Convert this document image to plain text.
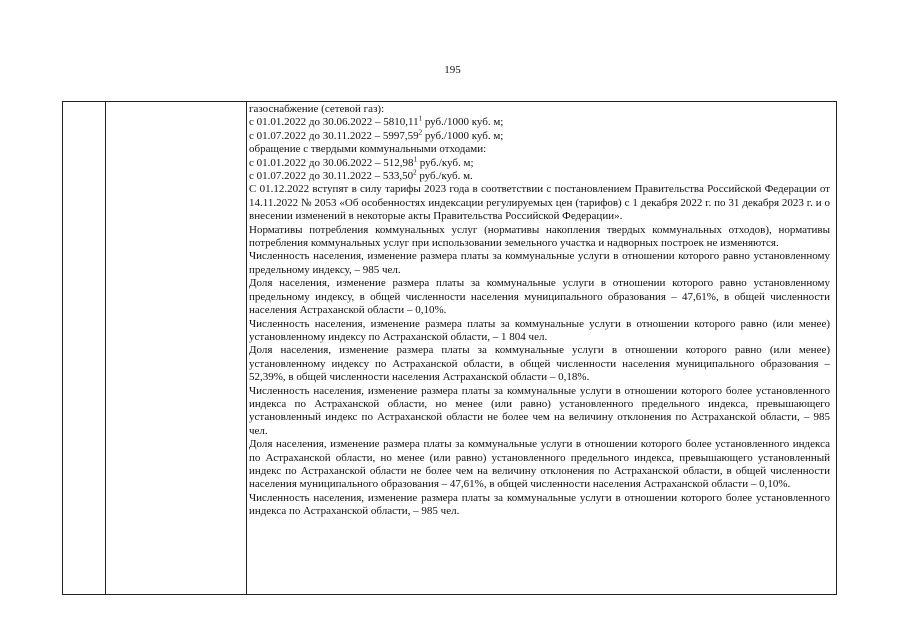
195
газоснабжение (сетевой газ):
с 01.01.2022 до 30.06.2022 – 5810,11$^1$ руб./1000 куб. м;
с 01.07.2022 до 30.11.2022 – 5997,59$^2$ руб./1000 куб. м;
обращение с твердыми коммунальными отходами:
с 01.01.2022 до 30.06.2022 – 512,98$^1$ руб./куб. м;
с 01.07.2022 до 30.11.2022 – 533,50$^2$ руб./куб. м.

С 01.12.2022 вступят в силу тарифы 2023 года в соответствии с постановлением Правительства Российской Федерации от 14.11.2022 № 2053 «Об особенностях индексации регулируемых цен (тарифов) с 1 декабря 2022 г. по 31 декабря 2023 г. и о внесении изменений в некоторые акты Правительства Российской Федерации».

Нормативы потребления коммунальных услуг (нормативы накопления твердых коммунальных отходов), нормативы потребления коммунальных услуг при использовании земельного участка и надворных построек не изменяются.

Численность населения, изменение размера платы за коммунальные услуги в отношении которого равно установленному предельному индексу, – 985 чел.

Доля населения, изменение размера платы за коммунальные услуги в отношении которого равно установленному предельному индексу, в общей численности населения муниципального образования – 47,61%, в общей численности населения Астраханской области – 0,10%.

Численность населения, изменение размера платы за коммунальные услуги в отношении которого равно (или менее) установленному индексу по Астраханской области, – 1 804 чел.

Доля населения, изменение размера платы за коммунальные услуги в отношении которого равно (или менее) установленному индексу по Астраханской области, в общей численности населения муниципального образования – 52,39%, в общей численности населения Астраханской области – 0,18%.

Численность населения, изменение размера платы за коммунальные услуги в отношении которого более установленного индекса по Астраханской области, но менее (или равно) установленного предельного индекса, превышающего установленный индекс по Астраханской области не более чем на величину отклонения по Астраханской области, – 985 чел.

Доля населения, изменение размера платы за коммунальные услуги в отношении которого более установленного индекса по Астраханской области, но менее (или равно) установленного предельного индекса, превышающего установленный индекс по Астраханской области не более чем на величину отклонения по Астраханской области, в общей численности населения муниципального образования – 47,61%, в общей численности населения Астраханской области – 0,10%.

Численность населения, изменение размера платы за коммунальные услуги в отношении которого более установленного индекса по Астраханской области, – 985 чел.
